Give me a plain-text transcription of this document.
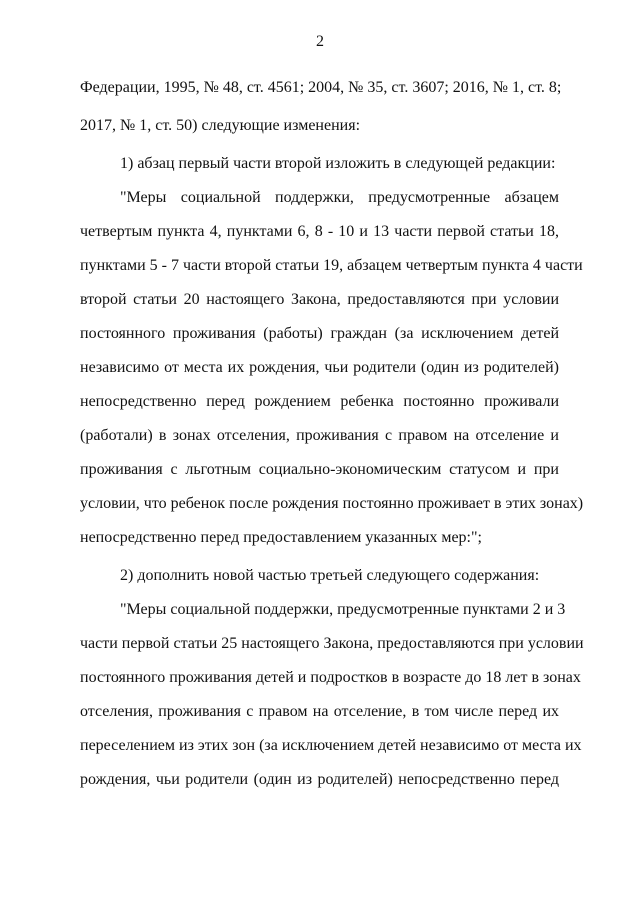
2
Федерации, 1995, № 48, ст. 4561; 2004, № 35, ст. 3607; 2016, № 1, ст. 8;
2017, № 1, ст. 50) следующие изменения:
1) абзац первый части второй изложить в следующей редакции:
"Меры социальной поддержки, предусмотренные абзацем
четвертым пункта 4, пунктами 6, 8 - 10 и 13 части первой статьи 18,
пунктами 5 - 7 части второй статьи 19, абзацем четвертым пункта 4 части
второй статьи 20 настоящего Закона, предоставляются при условии
постоянного проживания (работы) граждан (за исключением детей
независимо от места их рождения, чьи родители (один из родителей)
непосредственно перед рождением ребенка постоянно проживали
(работали) в зонах отселения, проживания с правом на отселение и
проживания с льготным социально-экономическим статусом и при
условии, что ребенок после рождения постоянно проживает в этих зонах)
непосредственно перед предоставлением указанных мер:";
2) дополнить новой частью третьей следующего содержания:
"Меры социальной поддержки, предусмотренные пунктами 2 и 3
части первой статьи 25 настоящего Закона, предоставляются при условии
постоянного проживания детей и подростков в возрасте до 18 лет в зонах
отселения, проживания с правом на отселение, в том числе перед их
переселением из этих зон (за исключением детей независимо от места их
рождения, чьи родители (один из родителей) непосредственно перед
